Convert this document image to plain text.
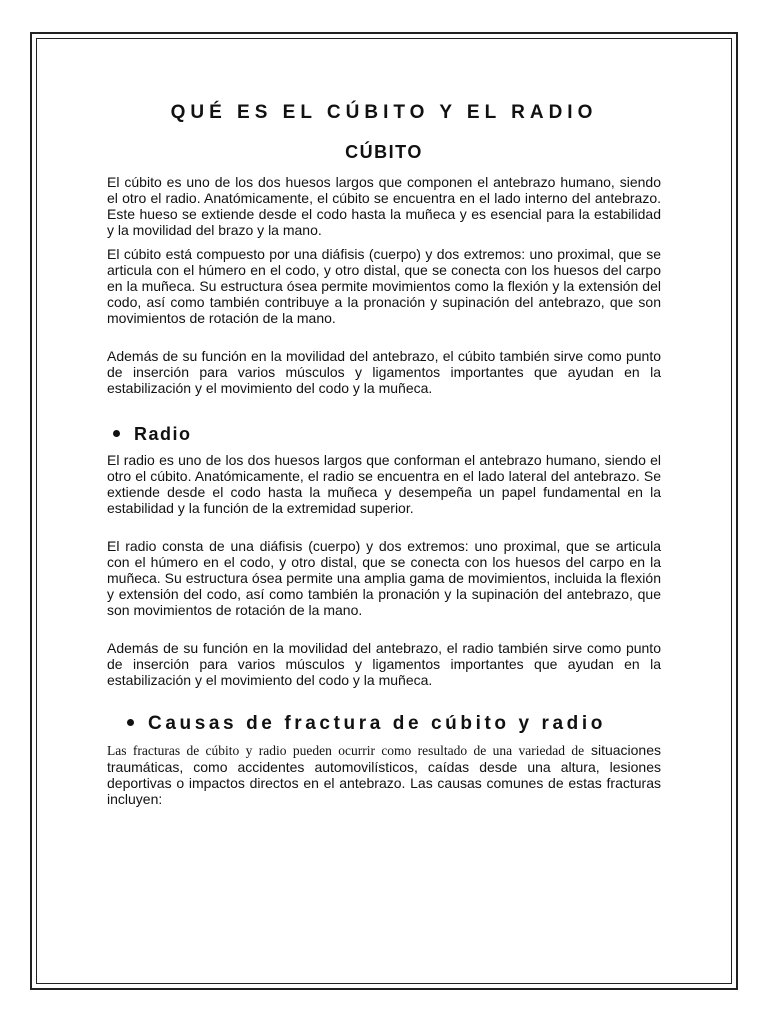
QUÉ ES EL CÚBITO Y EL RADIO
CÚBITO

El cúbito es uno de los dos huesos largos que componen el antebrazo humano, siendo el otro el radio. Anatómicamente, el cúbito se encuentra en el lado interno del antebrazo. Este hueso se extiende desde el codo hasta la muñeca y es esencial para la estabilidad y la movilidad del brazo y la mano.

El cúbito está compuesto por una diáfisis (cuerpo) y dos extremos: uno proximal, que se articula con el húmero en el codo, y otro distal, que se conecta con los huesos del carpo en la muñeca. Su estructura ósea permite movimientos como la flexión y la extensión del codo, así como también contribuye a la pronación y supinación del antebrazo, que son movimientos de rotación de la mano.

Además de su función en la movilidad del antebrazo, el cúbito también sirve como punto de inserción para varios músculos y ligamentos importantes que ayudan en la estabilización y el movimiento del codo y la muñeca.

Radio

El radio es uno de los dos huesos largos que conforman el antebrazo humano, siendo el otro el cúbito. Anatómicamente, el radio se encuentra en el lado lateral del antebrazo. Se extiende desde el codo hasta la muñeca y desempeña un papel fundamental en la estabilidad y la función de la extremidad superior.

El radio consta de una diáfisis (cuerpo) y dos extremos: uno proximal, que se articula con el húmero en el codo, y otro distal, que se conecta con los huesos del carpo en la muñeca. Su estructura ósea permite una amplia gama de movimientos, incluida la flexión y extensión del codo, así como también la pronación y la supinación del antebrazo, que son movimientos de rotación de la mano.

Además de su función en la movilidad del antebrazo, el radio también sirve como punto de inserción para varios músculos y ligamentos importantes que ayudan en la estabilización y el movimiento del codo y la muñeca.

Causas de fractura de cúbito y radio

Las fracturas de cúbito y radio pueden ocurrir como resultado de una variedad de situaciones traumáticas, como accidentes automovilísticos, caídas desde una altura, lesiones deportivas o impactos directos en el antebrazo. Las causas comunes de estas fracturas incluyen:
